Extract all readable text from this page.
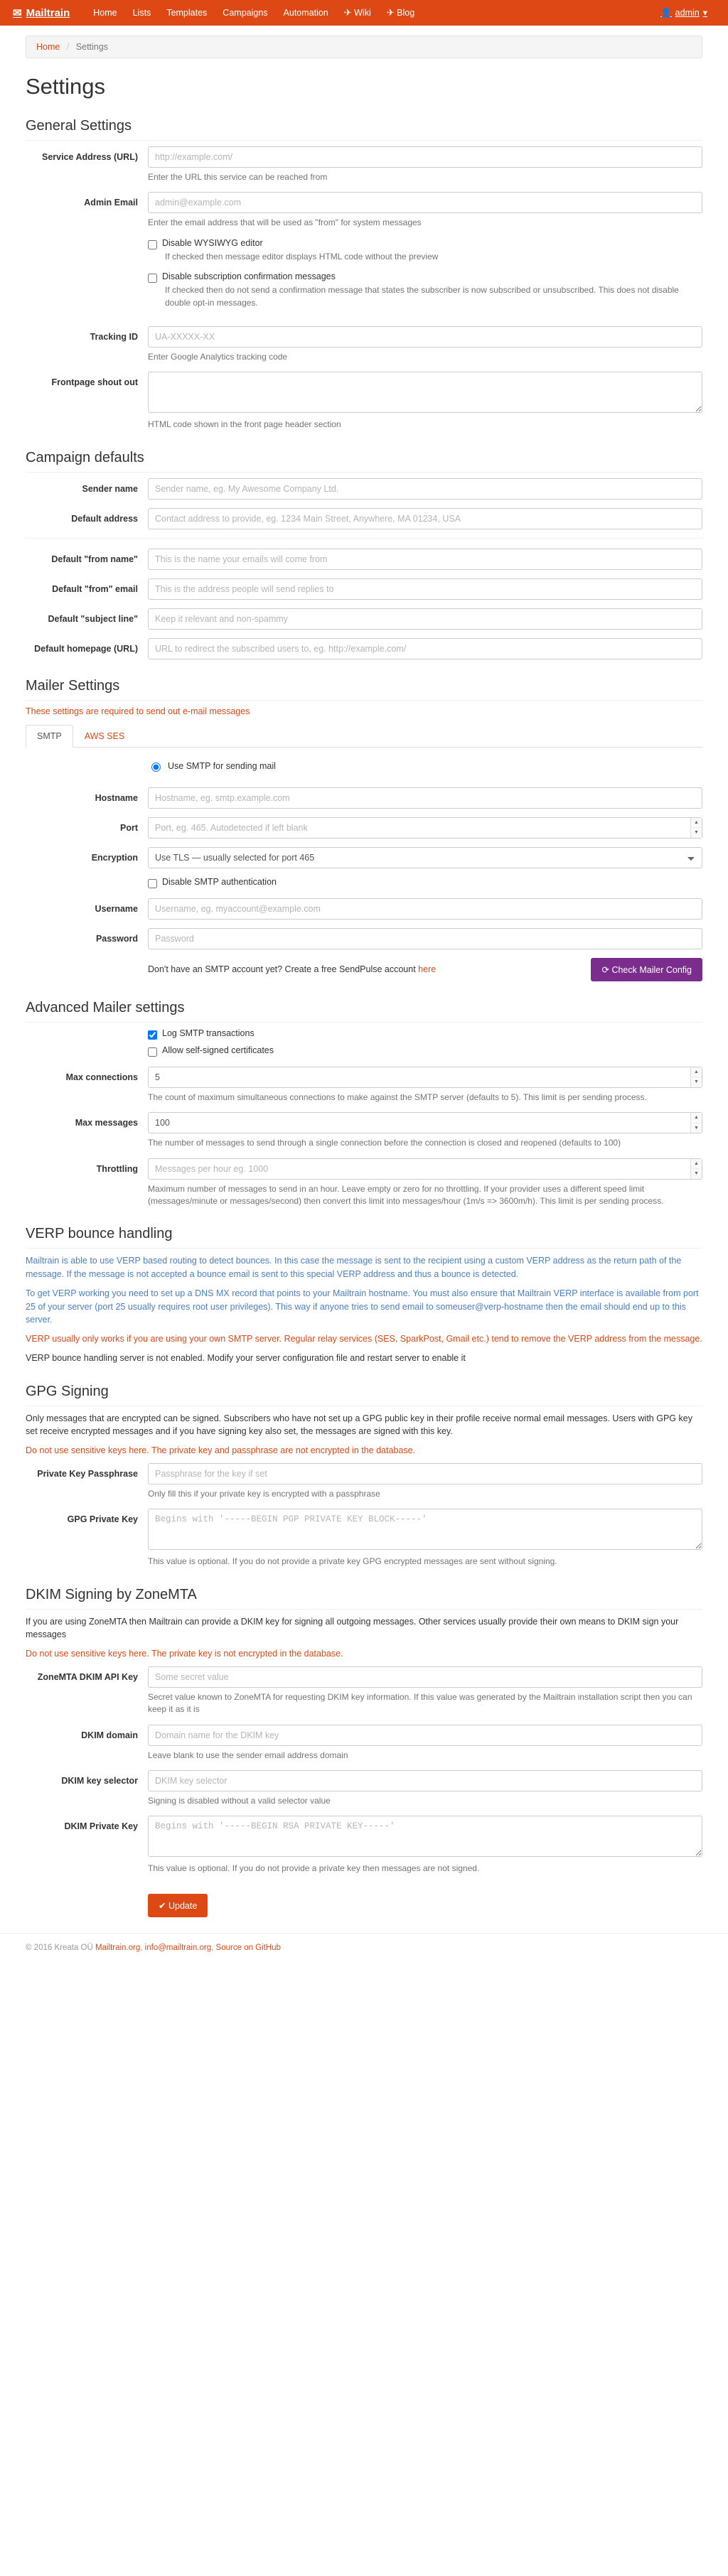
✉ Mailtrain	Home	Lists	Templates	Campaigns	Automation	✈ Wiki	✈ Blog	👤 admin ▾
Home / Settings
Settings
General Settings
Service Address (URL)
http://example.com/
Enter the URL this service can be reached from
Admin Email
admin@example.com
Enter the email address that will be used as "from" for system messages
Disable WYSIWYG editor
If checked then message editor displays HTML code without the preview
Disable subscription confirmation messages
If checked then do not send a confirmation message that states the subscriber is now subscribed or unsubscribed. This does not disable double opt-in messages.
Tracking ID
UA-XXXXX-XX
Enter Google Analytics tracking code
Frontpage shout out
HTML code shown in the front page header section
Campaign defaults
Sender name
Sender name, eg. My Awesome Company Ltd.
Default address
Contact address to provide, eg. 1234 Main Street, Anywhere, MA 01234, USA
Default "from name"
This is the name your emails will come from
Default "from" email
This is the address people will send replies to
Default "subject line"
Keep it relevant and non-spammy
Default homepage (URL)
URL to redirect the subscribed users to, eg. http://example.com/
Mailer Settings
These settings are required to send out e-mail messages
SMTP	AWS SES
Use SMTP for sending mail
Hostname
Hostname, eg. smtp.example.com
Port
Port, eg. 465. Autodetected if left blank
▲
▼
Encryption
Use TLS — usually selected for port 465
Disable SMTP authentication
Username
Username, eg. myaccount@example.com
Password
Don't have an SMTP account yet? Create a free SendPulse account here	⟳ Check Mailer Config
Advanced Mailer settings
Log SMTP transactions
Allow self-signed certificates
Max connections
5
▲
▼
The count of maximum simultaneous connections to make against the SMTP server (defaults to 5). This limit is per sending process.
Max messages
100
▲
▼
The number of messages to send through a single connection before the connection is closed and reopened (defaults to 100)
Throttling
Messages per hour eg. 1000
▲
▼
Maximum number of messages to send in an hour. Leave empty or zero for no throttling. If your provider uses a different speed limit (messages/minute or messages/second) then convert this limit into messages/hour (1m/s => 3600m/h). This limit is per sending process.
VERP bounce handling

Mailtrain is able to use VERP based routing to detect bounces. In this case the message is sent to the recipient using a custom VERP address as the return path of the message. If the message is not accepted a bounce email is sent to this special VERP address and thus a bounce is detected.

To get VERP working you need to set up a DNS MX record that points to your Mailtrain hostname. You must also ensure that Mailtrain VERP interface is available from port 25 of your server (port 25 usually requires root user privileges). This way if anyone tries to send email to someuser@verp-hostname then the email should end up to this server.

VERP usually only works if you are using your own SMTP server. Regular relay services (SES, SparkPost, Gmail etc.) tend to remove the VERP address from the message.

VERP bounce handling server is not enabled. Modify your server configuration file and restart server to enable it

GPG Signing

Only messages that are encrypted can be signed. Subscribers who have not set up a GPG public key in their profile receive normal email messages. Users with GPG key set receive encrypted messages and if you have signing key also set, the messages are signed with this key.

Do not use sensitive keys here. The private key and passphrase are not encrypted in the database.

Private Key Passphrase
Passphrase for the key if set
Only fill this if your private key is encrypted with a passphrase
GPG Private Key
Begins with '-----BEGIN PGP PRIVATE KEY BLOCK-----'
This value is optional. If you do not provide a private key GPG encrypted messages are sent without signing.
DKIM Signing by ZoneMTA

If you are using ZoneMTA then Mailtrain can provide a DKIM key for signing all outgoing messages. Other services usually provide their own means to DKIM sign your messages

Do not use sensitive keys here. The private key is not encrypted in the database.

ZoneMTA DKIM API Key
Some secret value
Secret value known to ZoneMTA for requesting DKIM key information. If this value was generated by the Mailtrain installation script then you can keep it as it is
DKIM domain
Domain name for the DKIM key
Leave blank to use the sender email address domain
DKIM key selector
DKIM key selector
Signing is disabled without a valid selector value
DKIM Private Key
Begins with '-----BEGIN RSA PRIVATE KEY-----'
This value is optional. If you do not provide a private key then messages are not signed.
✔ Update
© 2016 Kreata OÜ Mailtrain.org, info@mailtrain.org, Source on GitHub
